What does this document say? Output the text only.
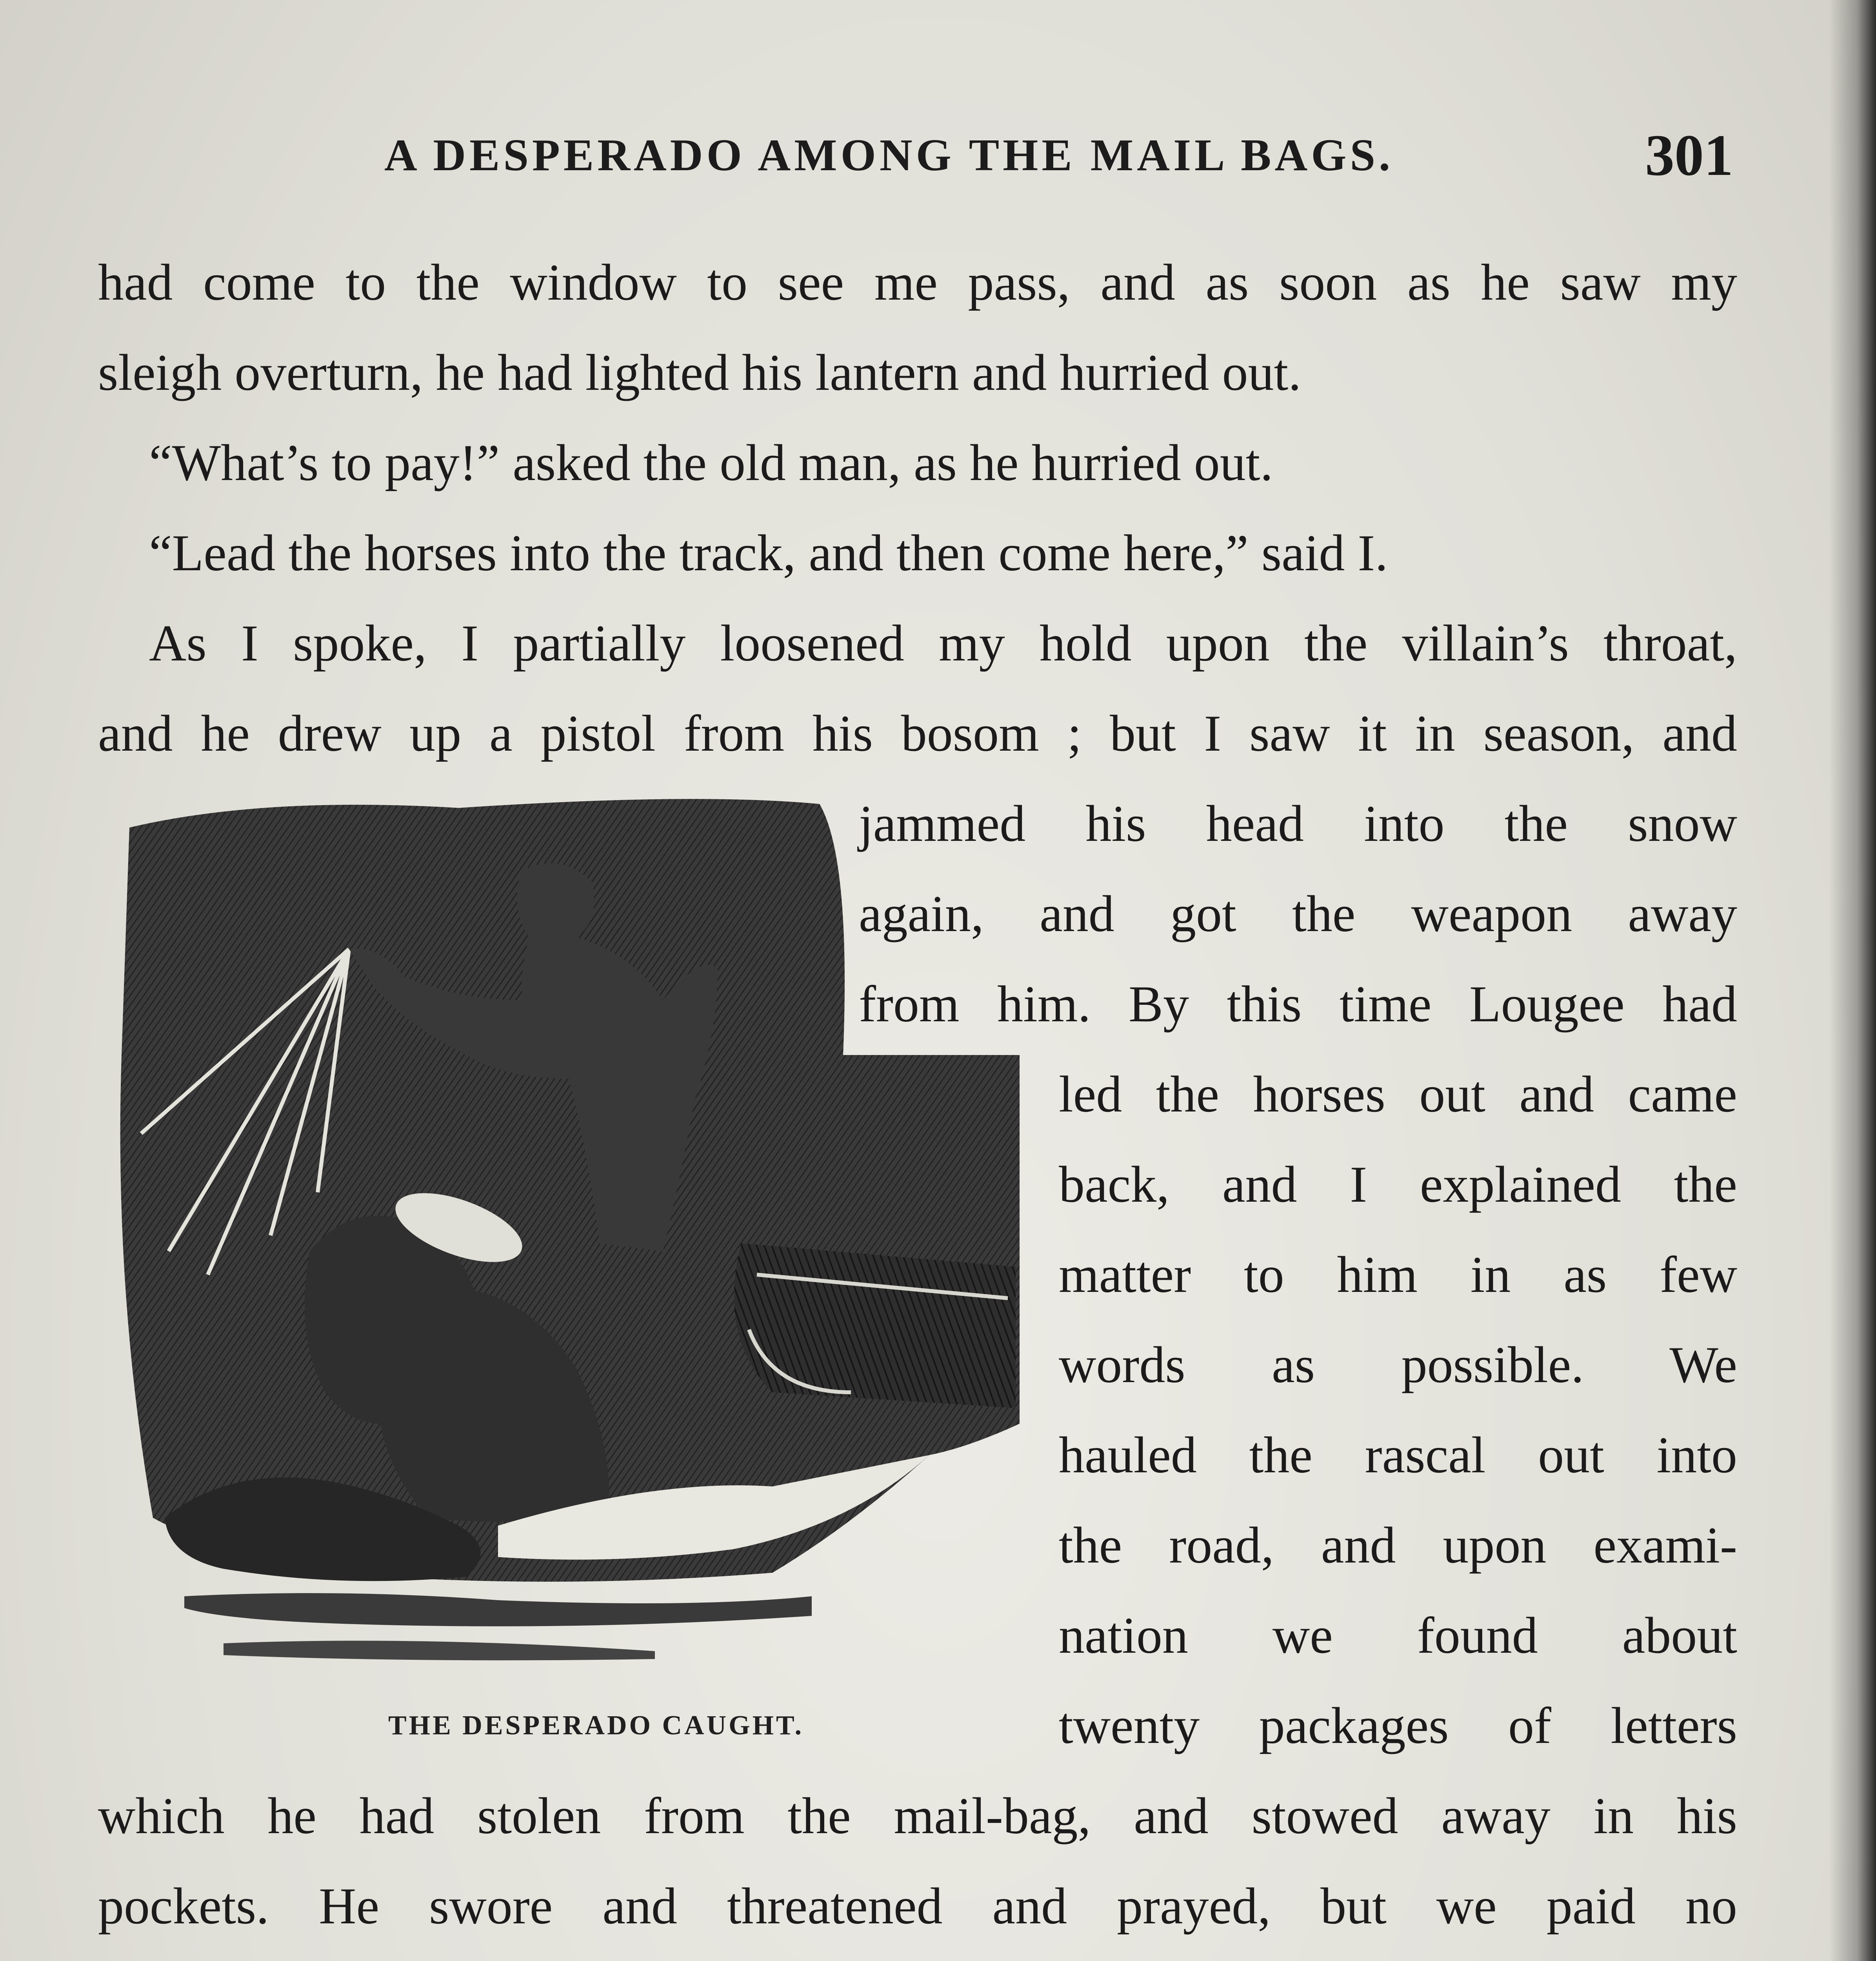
A DESPERADO AMONG THE MAIL BAGS.	301
had come to the window to see me pass, and as soon as he saw my
sleigh overturn, he had lighted his lantern and hurried out.
“What’s to pay!” asked the old man, as he hurried out.
“Lead the horses into the track, and then come here,” said I.
As I spoke, I partially loosened my hold upon the villain’s throat,
and he drew up a pistol from his bosom ; but I saw it in season, and
jammed his head into the snow
again, and got the weapon away
from him. By this time Lougee had
led the horses out and came
back, and I explained the
matter to him in as few
words as possible. We
hauled the rascal out into
the road, and upon exami-
nation we found about
twenty packages of letters
which he had stolen from the mail-bag, and stowed away in his
pockets. He swore and threatened and prayed, but we paid no
THE DESPERADO CAUGHT.
